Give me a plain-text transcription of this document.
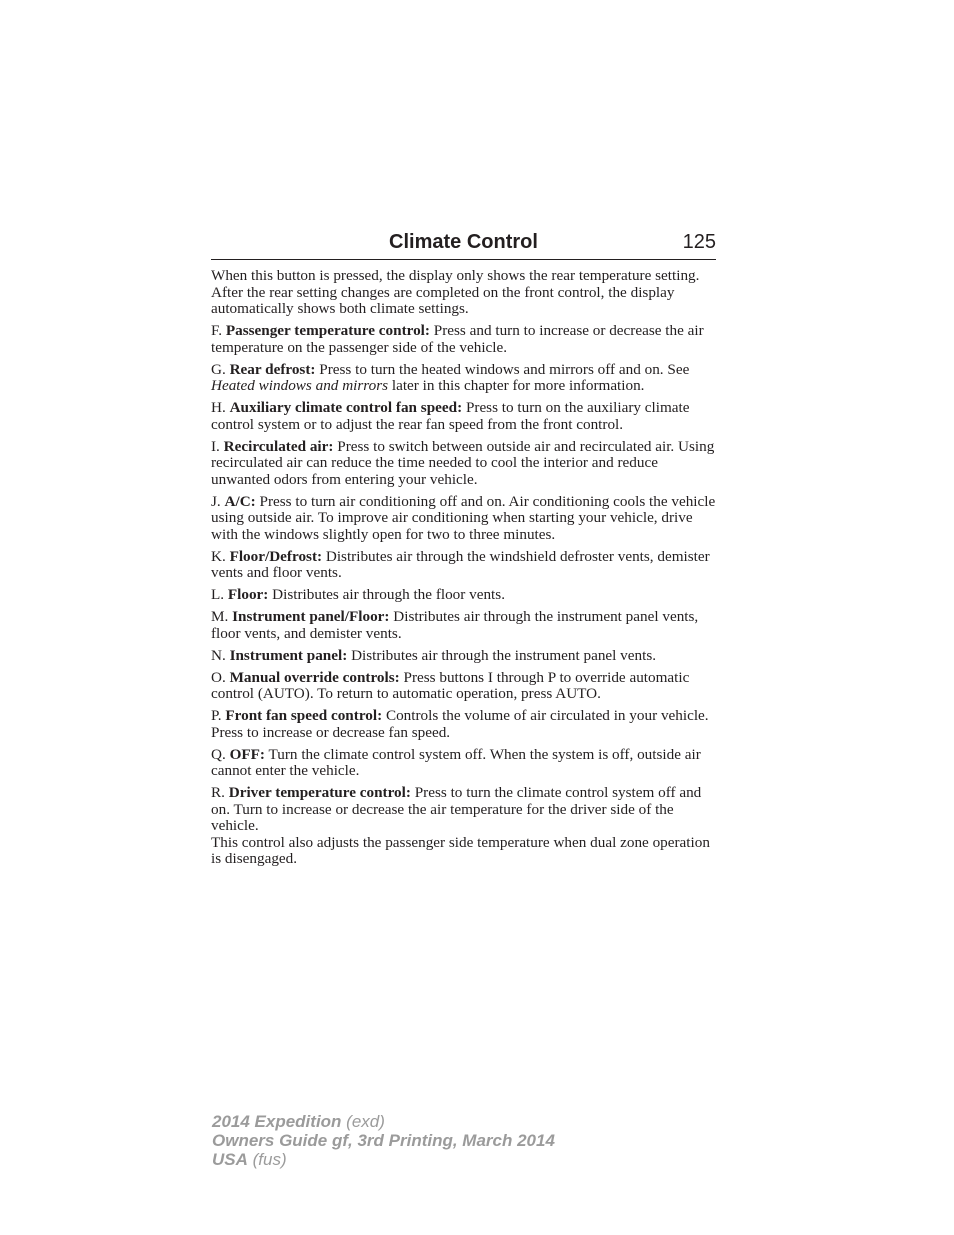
Climate Control	125

When this button is pressed, the display only shows the rear temperature setting. After the rear setting changes are completed on the front control, the display automatically shows both climate settings.

F. Passenger temperature control: Press and turn to increase or decrease the air temperature on the passenger side of the vehicle.

G. Rear defrost: Press to turn the heated windows and mirrors off and on. See Heated windows and mirrors later in this chapter for more information.

H. Auxiliary climate control fan speed: Press to turn on the auxiliary climate control system or to adjust the rear fan speed from the front control.

I. Recirculated air: Press to switch between outside air and recirculated air. Using recirculated air can reduce the time needed to cool the interior and reduce unwanted odors from entering your vehicle.

J. A/C: Press to turn air conditioning off and on. Air conditioning cools the vehicle using outside air. To improve air conditioning when starting your vehicle, drive with the windows slightly open for two to three minutes.

K. Floor/Defrost: Distributes air through the windshield defroster vents, demister vents and floor vents.

L. Floor: Distributes air through the floor vents.

M. Instrument panel/Floor: Distributes air through the instrument panel vents, floor vents, and demister vents.

N. Instrument panel: Distributes air through the instrument panel vents.

O. Manual override controls: Press buttons I through P to override automatic control (AUTO). To return to automatic operation, press AUTO.

P. Front fan speed control: Controls the volume of air circulated in your vehicle. Press to increase or decrease fan speed.

Q. OFF: Turn the climate control system off. When the system is off, outside air cannot enter the vehicle.

R. Driver temperature control: Press to turn the climate control system off and on. Turn to increase or decrease the air temperature for the driver side of the vehicle.

This control also adjusts the passenger side temperature when dual zone operation is disengaged.

2014 Expedition (exd)
Owners Guide gf, 3rd Printing, March 2014
USA (fus)
